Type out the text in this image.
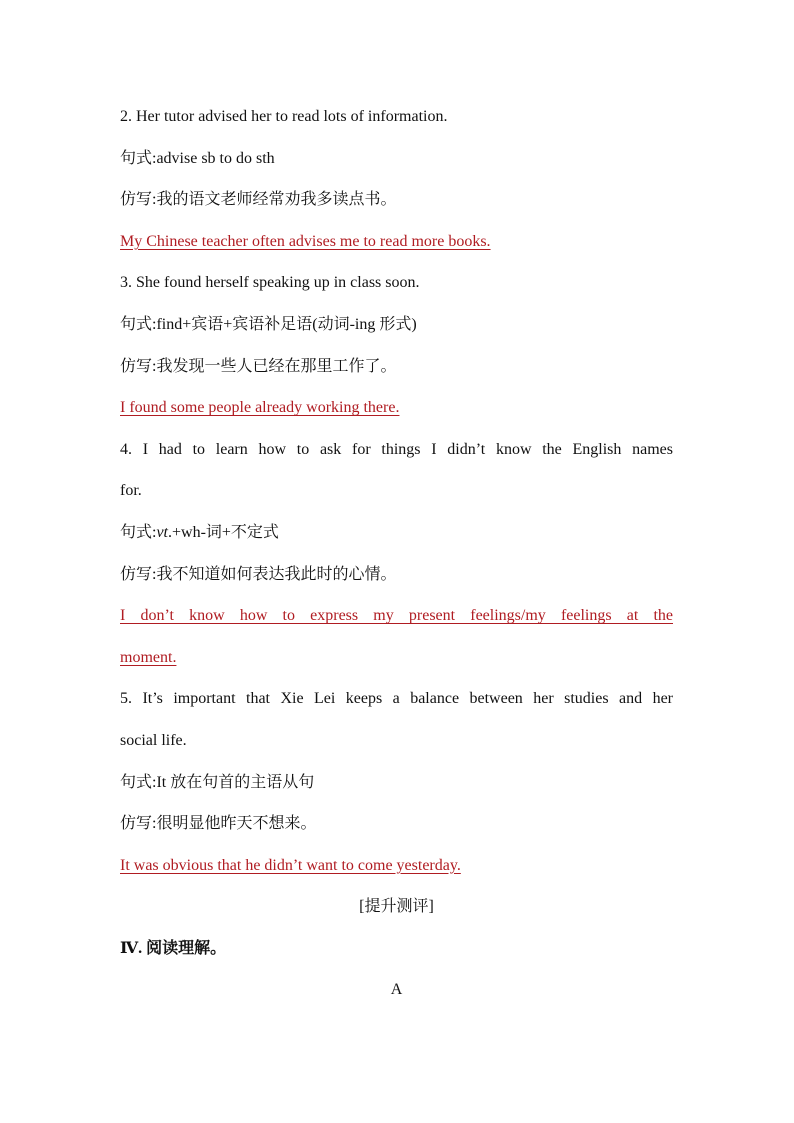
2. Her tutor advised her to read lots of information.
句式:advise sb to do sth
仿写:我的语文老师经常劝我多读点书。
My Chinese teacher often advises me to read more books.
3. She found herself speaking up in class soon.
句式:find+宾语+宾语补足语(动词-ing 形式)
仿写:我发现一些人已经在那里工作了。
I found some people already working there.
4. I had to learn how to ask for things I didn’t know the English names
for.
句式:vt.+wh-词+不定式
仿写:我不知道如何表达我此时的心情。
I don’t know how to express my present feelings/my feelings at the
moment.
5. It’s important that Xie Lei keeps a balance between her studies and her
social life.
句式:It 放在句首的主语从句
仿写:很明显他昨天不想来。
It was obvious that he didn’t want to come yesterday.
[提升测评]
Ⅳ. 阅读理解。
A
